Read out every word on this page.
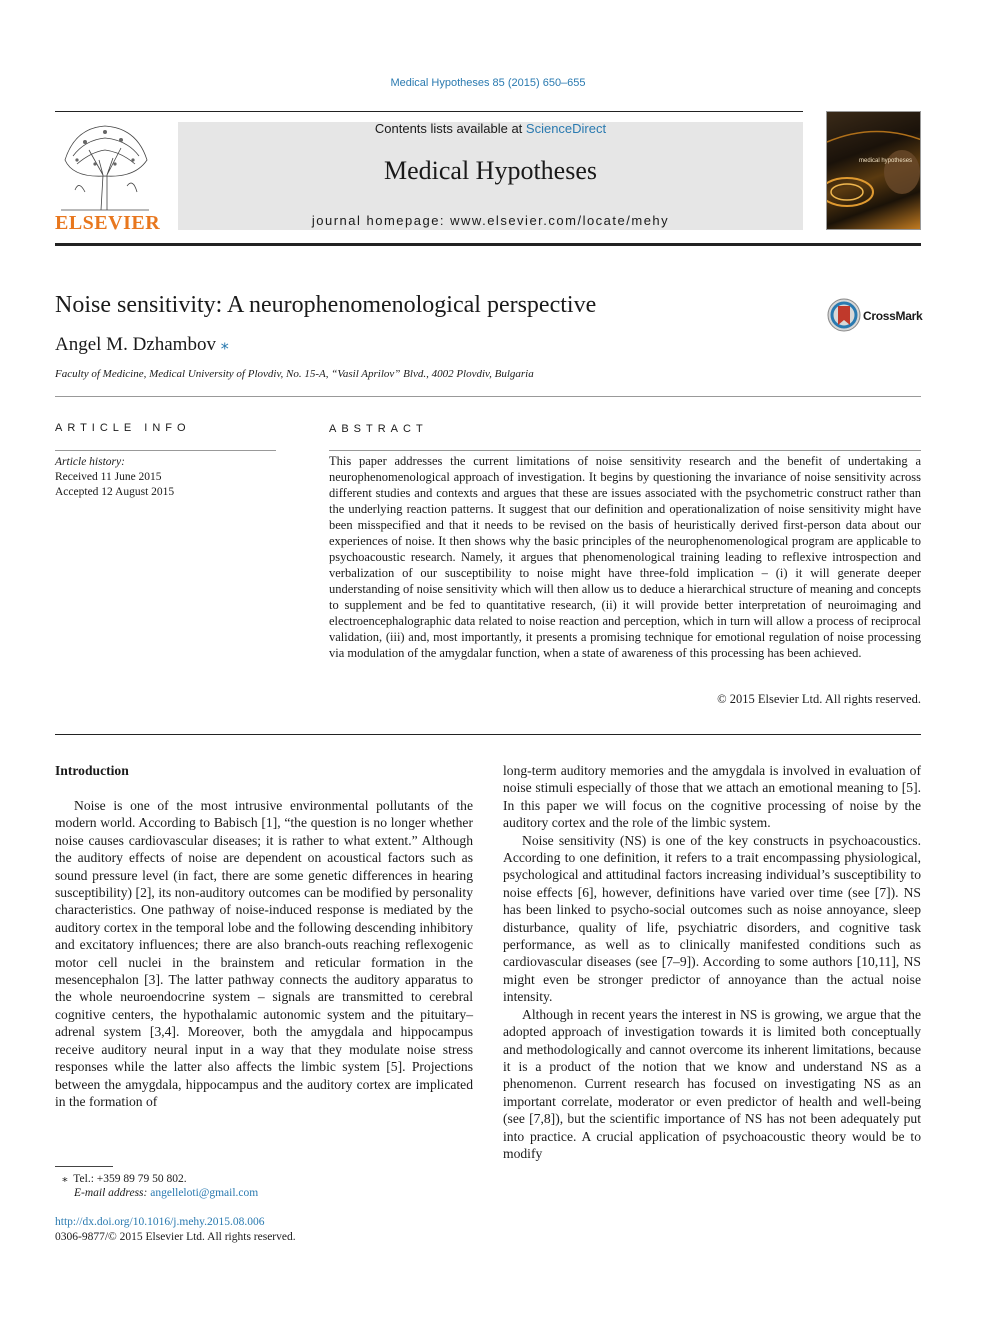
Medical Hypotheses 85 (2015) 650–655
ELSEVIER
Contents lists available at ScienceDirect
Medical Hypotheses
journal homepage: www.elsevier.com/locate/mehy
medical hypotheses
Noise sensitivity: A neurophenomenological perspective
Angel M. Dzhambov ⁎
Faculty of Medicine, Medical University of Plovdiv, No. 15-A, “Vasil Aprilov” Blvd., 4002 Plovdiv, Bulgaria
CrossMark
ARTICLE INFO
Article history:
Received 11 June 2015
Accepted 12 August 2015
ABSTRACT
This paper addresses the current limitations of noise sensitivity research and the benefit of undertaking a neurophenomenological approach of investigation. It begins by questioning the invariance of noise sensitivity across different studies and contexts and argues that these are issues associated with the psychometric construct rather than the underlying reaction patterns. It suggest that our definition and operationalization of noise sensitivity might have been misspecified and that it needs to be revised on the basis of heuristically derived first-person data about our experiences of noise. It then shows why the basic principles of the neurophenomenological program are applicable to psychoacoustic research. Namely, it argues that phenomenological training leading to reflexive introspection and verbalization of our susceptibility to noise might have three-fold implication – (i) it will generate deeper understanding of noise sensitivity which will then allow us to deduce a hierarchical structure of meaning and concepts to supplement and be fed to quantitative research, (ii) it will provide better interpretation of neuroimaging and electroencephalographic data related to noise reaction and perception, which in turn will allow a process of reciprocal validation, (iii) and, most importantly, it presents a promising technique for emotional regulation of noise processing via modulation of the amygdalar function, when a state of awareness of this processing has been achieved.
© 2015 Elsevier Ltd. All rights reserved.
Introduction

Noise is one of the most intrusive environmental pollutants of the modern world. According to Babisch [1], “the question is no longer whether noise causes cardiovascular diseases; it is rather to what extent.” Although the auditory effects of noise are dependent on acoustical factors such as sound pressure level (in fact, there are some genetic differences in hearing susceptibility) [2], its non-auditory outcomes can be modified by personality characteristics. One pathway of noise-induced response is mediated by the auditory cortex in the temporal lobe and the following descending inhibitory and excitatory influences; there are also branch-outs reaching reflexogenic motor cell nuclei in the brainstem and reticular formation in the mesencephalon [3]. The latter pathway connects the auditory apparatus to the whole neuroendocrine system – signals are transmitted to cerebral cognitive centers, the hypothalamic autonomic system and the pituitary–adrenal system [3,4]. Moreover, both the amygdala and hippocampus receive auditory neural input in a way that they modulate noise stress responses while the latter also affects the limbic system [5]. Projections between the amygdala, hippocampus and the auditory cortex are implicated in the formation of

long-term auditory memories and the amygdala is involved in evaluation of noise stimuli especially of those that we attach an emotional meaning to [5]. In this paper we will focus on the cognitive processing of noise by the auditory cortex and the role of the limbic system.

Noise sensitivity (NS) is one of the key constructs in psychoacoustics. According to one definition, it refers to a trait encompassing physiological, psychological and attitudinal factors increasing individual’s susceptibility to noise effects [6], however, definitions have varied over time (see [7]). NS has been linked to psycho-social outcomes such as noise annoyance, sleep disturbance, quality of life, psychiatric disorders, and cognitive task performance, as well as to clinically manifested conditions such as cardiovascular diseases (see [7–9]). According to some authors [10,11], NS might even be stronger predictor of annoyance than the actual noise intensity.

Although in recent years the interest in NS is growing, we argue that the adopted approach of investigation towards it is limited both conceptually and methodologically and cannot overcome its inherent limitations, because it is a product of the notion that we know and understand NS as a phenomenon. Current research has focused on investigating NS as an important correlate, moderator or even predictor of health and well-being (see [7,8]), but the scientific importance of NS has not been adequately put into practice. A crucial application of psychoacoustic theory would be to modify

⁎ Tel.: +359 89 79 50 802.
E-mail address: angelleloti@gmail.com
http://dx.doi.org/10.1016/j.mehy.2015.08.006
0306-9877/© 2015 Elsevier Ltd. All rights reserved.
